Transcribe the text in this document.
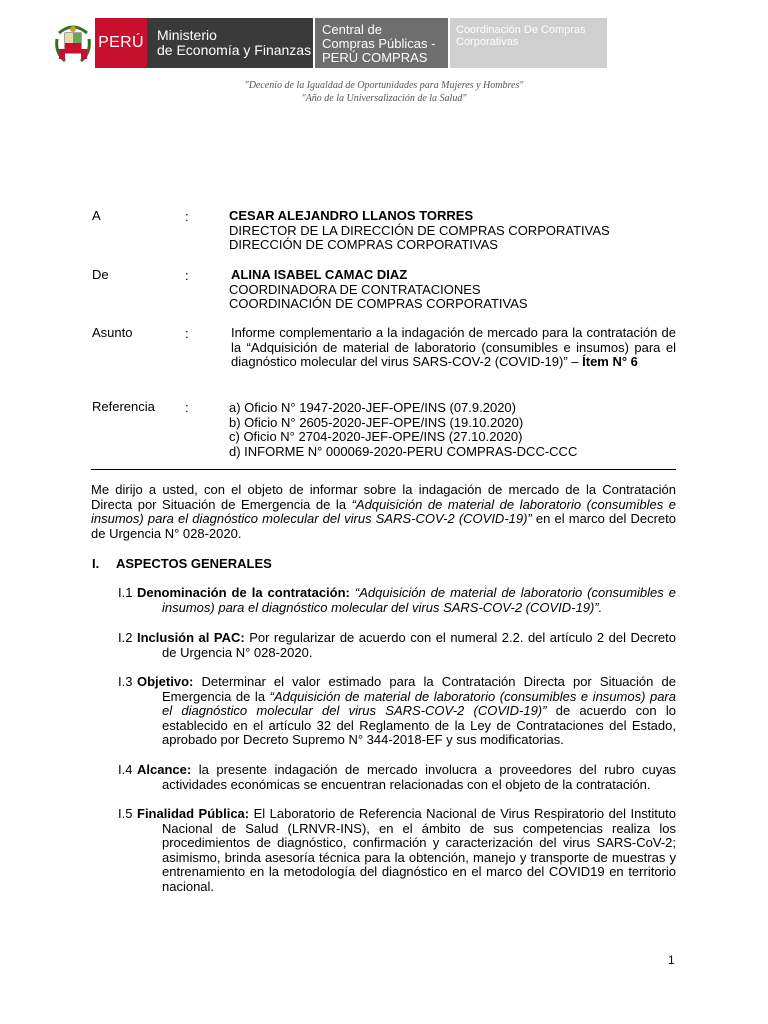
PERÚ Ministerio
de Economía y Finanzas
Central de
Compras Públicas -
PERÚ COMPRAS
Coordinación De Compras
Corporativas
"Decenio de la Igualdad de Oportunidades para Mujeres y Hombres"
"Año de la Universalización de la Salud"
A	:	CESAR ALEJANDRO LLANOS TORRES
DIRECTOR DE LA DIRECCIÓN DE COMPRAS CORPORATIVAS
DIRECCIÓN DE COMPRAS CORPORATIVAS
De	:	ALINA ISABEL CAMAC DIAZ
COORDINADORA DE CONTRATACIONES
COORDINACIÓN DE COMPRAS CORPORATIVAS
Asunto	:	Informe complementario a la indagación de mercado para la contratación de la “Adquisición de material de laboratorio (consumibles e insumos) para el diagnóstico molecular del virus SARS-COV-2 (COVID-19)” – Ítem N° 6
Referencia :	a) Oficio N° 1947-2020-JEF-OPE/INS (07.9.2020)
b) Oficio N° 2605-2020-JEF-OPE/INS (19.10.2020)
c) Oficio N° 2704-2020-JEF-OPE/INS (27.10.2020)
d) INFORME N° 000069-2020-PERU COMPRAS-DCC-CCC
Me dirijo a usted, con el objeto de informar sobre la indagación de mercado de la Contratación Directa por Situación de Emergencia de la “Adquisición de material de laboratorio (consumibles e insumos) para el diagnóstico molecular del virus SARS-COV-2 (COVID-19)” en el marco del Decreto de Urgencia N° 028-2020.
I. ASPECTOS GENERALES
I.1 Denominación de la contratación: “Adquisición de material de laboratorio (consumibles e insumos) para el diagnóstico molecular del virus SARS-COV-2 (COVID-19)”.
I.2 Inclusión al PAC: Por regularizar de acuerdo con el numeral 2.2. del artículo 2 del Decreto de Urgencia N° 028-2020.
I.3 Objetivo: Determinar el valor estimado para la Contratación Directa por Situación de Emergencia de la “Adquisición de material de laboratorio (consumibles e insumos) para el diagnóstico molecular del virus SARS-COV-2 (COVID-19)” de acuerdo con lo establecido en el artículo 32 del Reglamento de la Ley de Contrataciones del Estado, aprobado por Decreto Supremo N° 344-2018-EF y sus modificatorias.
I.4 Alcance: la presente indagación de mercado involucra a proveedores del rubro cuyas actividades económicas se encuentran relacionadas con el objeto de la contratación.
I.5 Finalidad Pública: El Laboratorio de Referencia Nacional de Virus Respiratorio del Instituto Nacional de Salud (LRNVR-INS), en el ámbito de sus competencias realiza los procedimientos de diagnóstico, confirmación y caracterización del virus SARS-CoV-2; asimismo, brinda asesoría técnica para la obtención, manejo y transporte de muestras y entrenamiento en la metodología del diagnóstico en el marco del COVID19 en territorio nacional.
1
